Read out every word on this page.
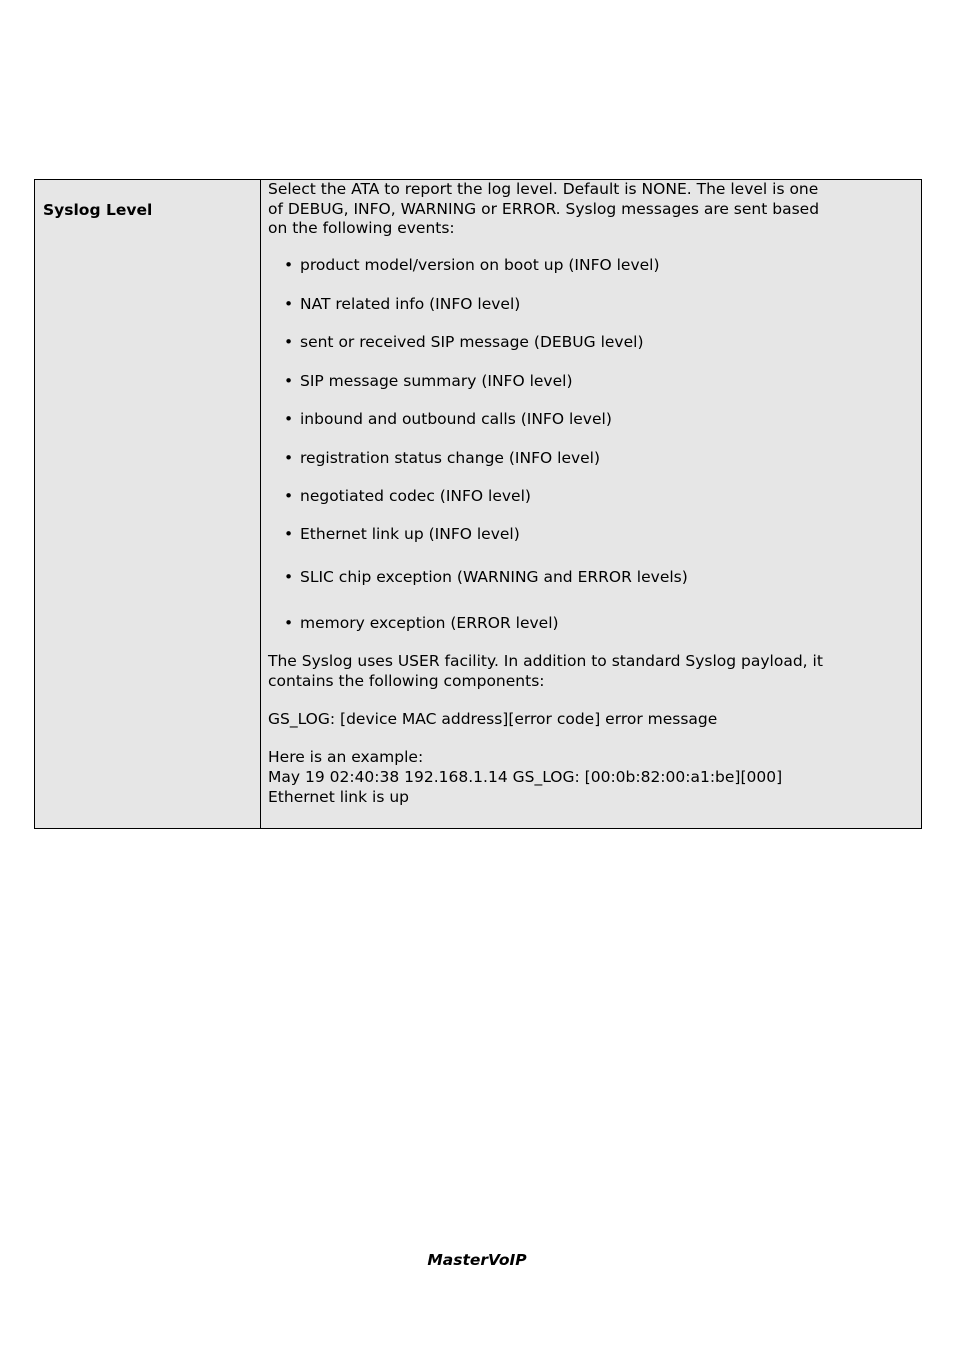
Syslog Level

Select the ATA to report the log level. Default is NONE. The level is one of DEBUG, INFO, WARNING or ERROR. Syslog messages are sent based on the following events:

• product model/version on boot up (INFO level)
• NAT related info (INFO level)
• sent or received SIP message (DEBUG level)
• SIP message summary (INFO level)
• inbound and outbound calls (INFO level)
• registration status change (INFO level)
• negotiated codec (INFO level)
• Ethernet link up (INFO level)
• SLIC chip exception (WARNING and ERROR levels)
• memory exception (ERROR level)

The Syslog uses USER facility. In addition to standard Syslog payload, it contains the following components:

GS_LOG: [device MAC address][error code] error message

Here is an example:

May 19 02:40:38 192.168.1.14 GS_LOG: [00:0b:82:00:a1:be][000] Ethernet link is up

MasterVoIP
